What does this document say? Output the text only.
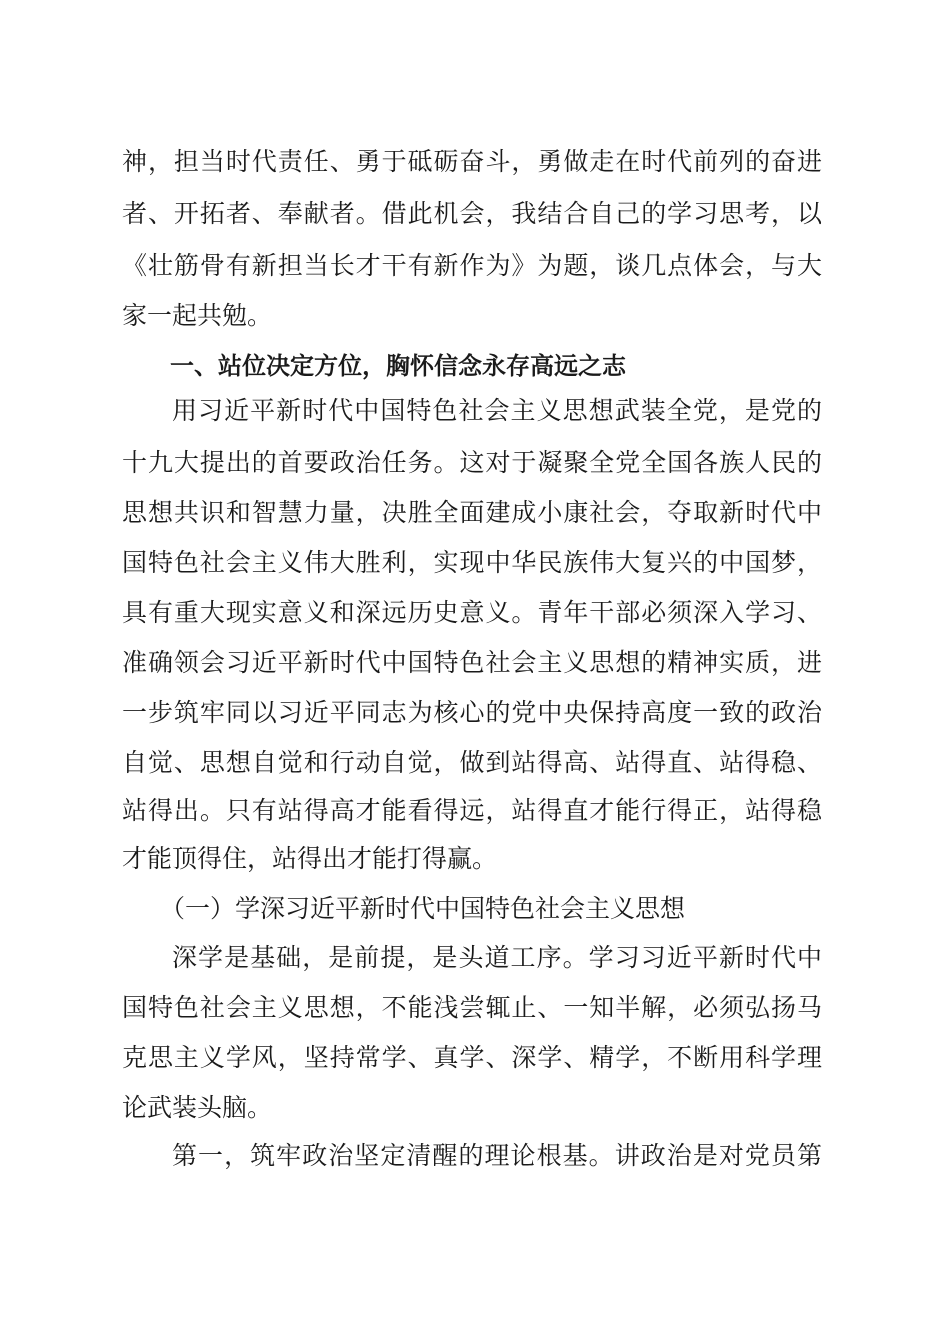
神，担当时代责任、勇于砥砺奋斗，勇做走在时代前列的奋进
者、开拓者、奉献者。借此机会，我结合自己的学习思考，以
《壮筋骨有新担当长才干有新作为》为题，谈几点体会，与大
家一起共勉。
一、站位决定方位，胸怀信念永存高远之志
用习近平新时代中国特色社会主义思想武装全党，是党的
十九大提出的首要政治任务。这对于凝聚全党全国各族人民的
思想共识和智慧力量，决胜全面建成小康社会，夺取新时代中
国特色社会主义伟大胜利，实现中华民族伟大复兴的中国梦，
具有重大现实意义和深远历史意义。青年干部必须深入学习、
准确领会习近平新时代中国特色社会主义思想的精神实质，进
一步筑牢同以习近平同志为核心的党中央保持高度一致的政治
自觉、思想自觉和行动自觉，做到站得高、站得直、站得稳、
站得出。只有站得高才能看得远，站得直才能行得正，站得稳
才能顶得住，站得出才能打得赢。
（一）学深习近平新时代中国特色社会主义思想
深学是基础，是前提，是头道工序。学习习近平新时代中
国特色社会主义思想，不能浅尝辄止、一知半解，必须弘扬马
克思主义学风，坚持常学、真学、深学、精学，不断用科学理
论武装头脑。
第一，筑牢政治坚定清醒的理论根基。讲政治是对党员第
